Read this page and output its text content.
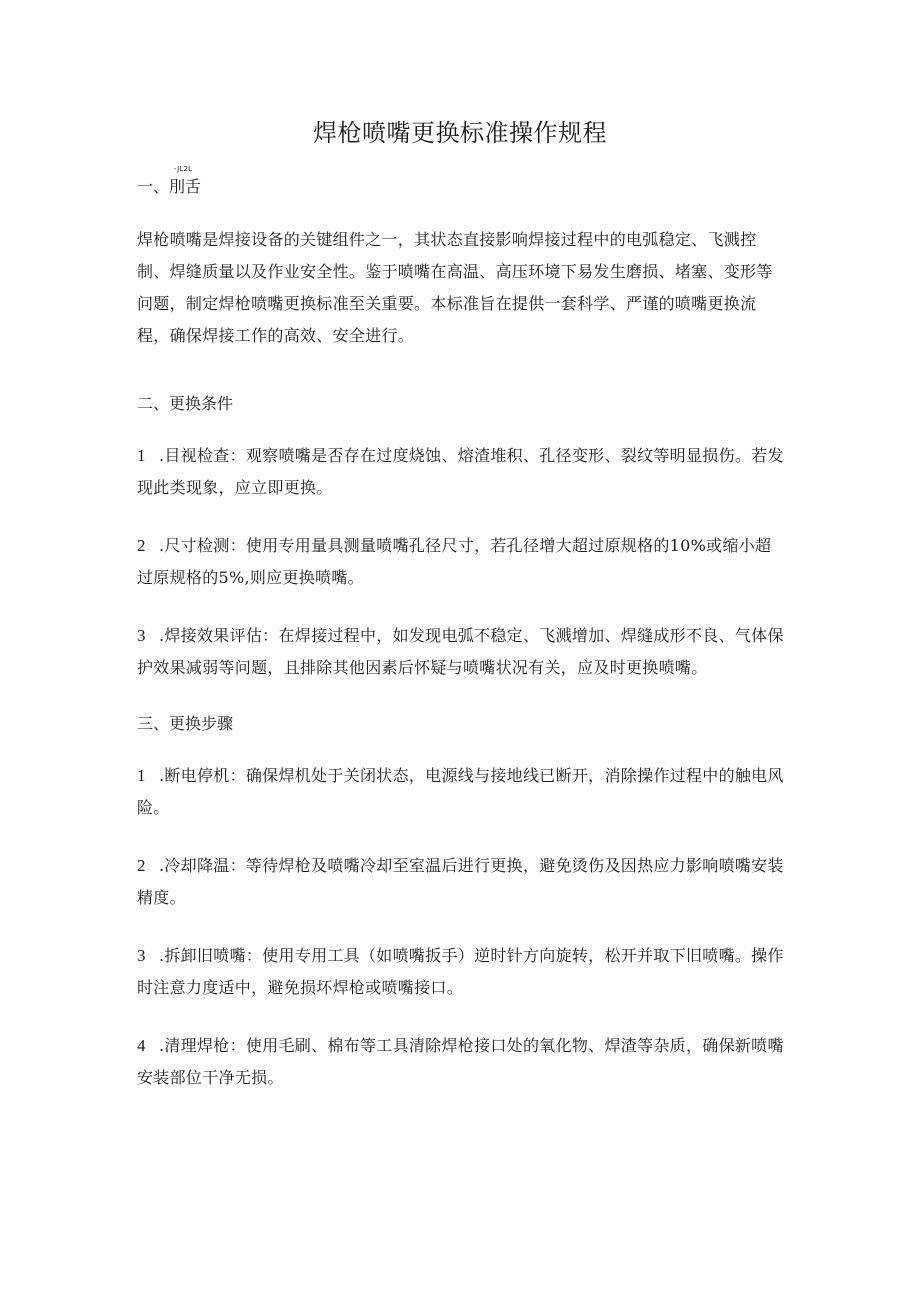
焊枪喷嘴更换标准操作规程
-JL2L
一、刖舌

焊枪喷嘴是焊接设备的关键组件之一，其状态直接影响焊接过程中的电弧稳定、飞溅控制、焊缝质量以及作业安全性。鉴于喷嘴在高温、高压环境下易发生磨损、堵塞、变形等问题，制定焊枪喷嘴更换标准至关重要。本标准旨在提供一套科学、严谨的喷嘴更换流程，确保焊接工作的高效、安全进行。

二、更换条件

1 .目视检查：观察喷嘴是否存在过度烧蚀、熔渣堆积、孔径变形、裂纹等明显损伤。若发现此类现象，应立即更换。

2 .尺寸检测：使用专用量具测量喷嘴孔径尺寸，若孔径增大超过原规格的10%或缩小超过原规格的5%,则应更换喷嘴。

3 .焊接效果评估：在焊接过程中，如发现电弧不稳定、飞溅增加、焊缝成形不良、气体保护效果减弱等问题，且排除其他因素后怀疑与喷嘴状况有关，应及时更换喷嘴。

三、更换步骤

1 .断电停机：确保焊机处于关闭状态，电源线与接地线已断开，消除操作过程中的触电风险。

2 .冷却降温：等待焊枪及喷嘴冷却至室温后进行更换，避免烫伤及因热应力影响喷嘴安装精度。

3 .拆卸旧喷嘴：使用专用工具（如喷嘴扳手）逆时针方向旋转，松开并取下旧喷嘴。操作时注意力度适中，避免损坏焊枪或喷嘴接口。

4 .清理焊枪：使用毛刷、棉布等工具清除焊枪接口处的氧化物、焊渣等杂质，确保新喷嘴安装部位干净无损。
